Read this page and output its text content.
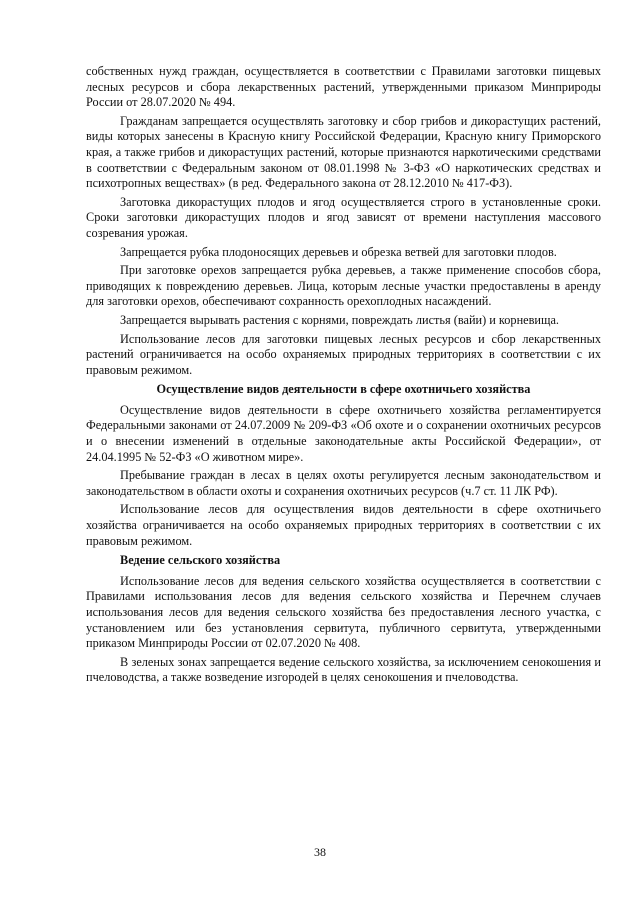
собственных нужд граждан, осуществляется в соответствии с Правилами заготовки пищевых лесных ресурсов и сбора лекарственных растений, утвержденными приказом Минприроды России от 28.07.2020 № 494.

Гражданам запрещается осуществлять заготовку и сбор грибов и дикорастущих растений, виды которых занесены в Красную книгу Российской Федерации, Красную книгу Приморского края, а также грибов и дикорастущих растений, которые признаются наркотическими средствами в соответствии с Федеральным законом от 08.01.1998 № 3-ФЗ «О наркотических средствах и психотропных веществах» (в ред. Федерального закона от 28.12.2010 № 417-ФЗ).

Заготовка дикорастущих плодов и ягод осуществляется строго в установленные сроки. Сроки заготовки дикорастущих плодов и ягод зависят от времени наступления массового созревания урожая.

Запрещается рубка плодоносящих деревьев и обрезка ветвей для заготовки плодов.

При заготовке орехов запрещается рубка деревьев, а также применение способов сбора, приводящих к повреждению деревьев. Лица, которым лесные участки предоставлены в аренду для заготовки орехов, обеспечивают сохранность орехоплодных насаждений.

Запрещается вырывать растения с корнями, повреждать листья (вайи) и корневища.

Использование лесов для заготовки пищевых лесных ресурсов и сбор лекарственных растений ограничивается на особо охраняемых природных территориях в соответствии с их правовым режимом.

Осуществление видов деятельности в сфере охотничьего хозяйства

Осуществление видов деятельности в сфере охотничьего хозяйства регламентируется Федеральными законами от 24.07.2009 № 209-ФЗ «Об охоте и о сохранении охотничьих ресурсов и о внесении изменений в отдельные законодательные акты Российской Федерации», от 24.04.1995 № 52-ФЗ «О животном мире».

Пребывание граждан в лесах в целях охоты регулируется лесным законодательством и законодательством в области охоты и сохранения охотничьих ресурсов (ч.7 ст. 11 ЛК РФ).

Использование лесов для осуществления видов деятельности в сфере охотничьего хозяйства ограничивается на особо охраняемых природных территориях в соответствии с их правовым режимом.

Ведение сельского хозяйства

Использование лесов для ведения сельского хозяйства осуществляется в соответствии с Правилами использования лесов для ведения сельского хозяйства и Перечнем случаев использования лесов для ведения сельского хозяйства без предоставления лесного участка, с установлением или без установления сервитута, публичного сервитута, утвержденными приказом Минприроды России от 02.07.2020 № 408.

В зеленых зонах запрещается ведение сельского хозяйства, за исключением сенокошения и пчеловодства, а также возведение изгородей в целях сенокошения и пчеловодства.

38
